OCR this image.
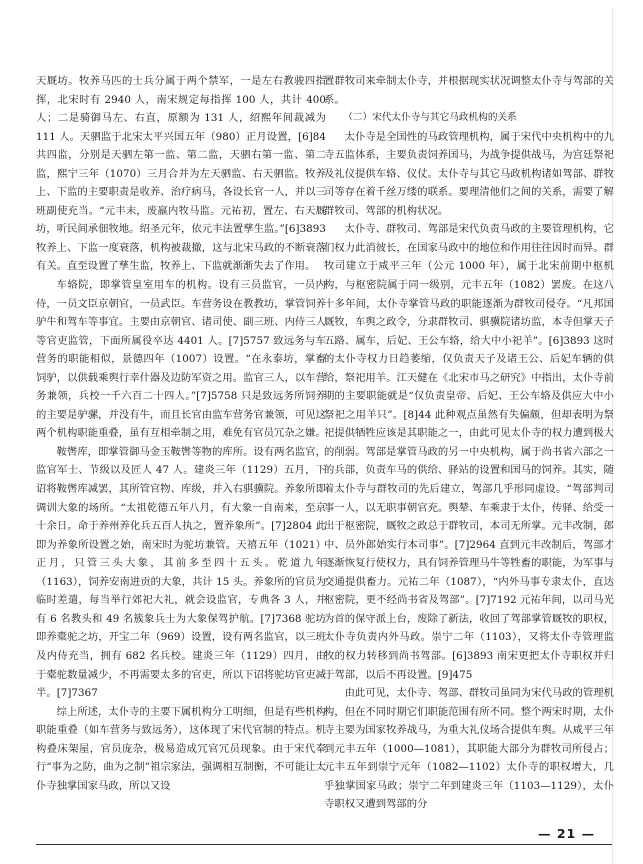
天厩坊。牧养马匹的士兵分属于两个禁军，一是左右教骏四指挥，北宋时有 2940 人，南宋规定每指挥 100 人，共计 400 人；二是骑御马左、右直，原额为 131 人，绍熙年间裁减为 111 人。天驷监于北宋太平兴国五年（980）正月设置，[6]84 共四监，分别是天驷左第一监、第二监，天驷右第一监、第二监，熙宁三年（1070）三月合并为左天驷监、右天驷监。牧养上、下监的主要职责是收养、治疗病马，各设长官一人，并以三班副使充当。“元丰末，废羸内牧马监。元祐初，置左、右天厩坊，听民间承佃牧地。绍圣元年，依元丰法置孳生监。”[6]3893 牧养上、下监一度衰落，机构被裁撤，这与北宋马政的不断衰落有关。直至设置了孳生监，牧养上、下监就渐渐失去了作用。

车辂院，即掌管皇室用车的机构。设有三员监官，一员内侍，一员文臣京朝官，一员武臣。车营务设在教教坊，掌管饲养驴牛和驾车等事宜。主要由京朝官、诸司使、副三班、内侍三人等官吏监管，下面所属役卒达 4401 人。[7]5757 致远务与车营务的职能相似，景德四年（1007）设置。“在永泰坊，掌畜饲驴，以供载乘舆行幸什器及边防军资之用。监官三人，以车营务兼领，兵校一千六百二十四人。”[7]5758 只是致远务所饲养的主要是驴骡，并没有牛，而且长官由监车营务官兼领，可见这两个机构职能重叠，虽有互相牵制之用，难免有官员冗杂之嫌。

鞍辔库，即掌管御马金玉鞍辔等物的库所。设有两名监官，监官军士、节级以及匠人 47 人。建炎三年（1129）五月，下诏将鞍辔库减罢，其所管官物、库级，并入右骐骥院。养象所即调训大象的场所。“太祖乾德五年八月，有大象一自南来，至京十余日。命于养州养化兵五百人执之，置养象所”。[7]2804 此即为养象所设置之始，南宋时为驼坊兼管。天禧五年（1021）正月，只管三头大象，其前多至四十五头。乾道九年（1163），饲养安南进贡的大象，共计 15 头。养象所的官员为临时差遣，每当举行郊祀大礼，就会设监官，专典各 3 人，并有 6 名教头和 49 名簇象兵士为大象保驾护航。[7]7368 驼坊即养橐驼之坊，开宝二年（969）设置，设有两名监官，以三班及内侍充当，拥有 682 名兵校。建炎三年（1129）四月，由于橐驼数量减少，不再需要太多的官吏，所以下诏将驼坊官吏减半。[7]7367

综上所述，太仆寺的主要下属机构分工明细，但是有些机构职能重叠（如车营务与致远务），这体现了宋代官制的特点。机构叠床架屋，官员庞杂，极易造成冗官冗员现象。由于宋代奉行“事为之防，曲为之制”祖宗家法，强调相互制衡，不可能让太仆寺独掌国家马政，所以又设

置群牧司来牵制太仆寺，并根据现实状况调整太仆寺与驾部的关系。

（二）宋代太仆寺与其它马政机构的关系

太仆寺是全国性的马政管理机构，属于宋代中央机构中的九寺五监体系，主要负责饲养国马，为战争提供战马，为宫廷祭祀及礼仪提供车辂、仪仗。太仆寺与其它马政机构诸如驾部、群牧司等存在着千丝万缕的联系。要理清他们之间的关系，需要了解群牧司、驾部的机构状况。

太仆寺、群牧司、驾部是宋代负责马政的主要管理机构，它们权力此消彼长，在国家马政中的地位和作用往往因时而异。群牧司建立于咸平三年（公元 1000 年），属于北宋前期中枢机构，与枢密院属于同一级别，元丰五年（1082）罢废。在这八十多年间，太仆寺掌管马政的职能逐渐为群牧司侵夺。“凡邦国厩牧，车舆之政令，分隶群牧司、骐骥院诸坊监，本寺但掌天子五路、属车，后妃、王公车辂，给大中小祀羊”。[6]3893 这时的太仆寺权力日趋萎缩，仅负责天子及诸王公、后妃车辆的供给，祭祀用羊。江天健在《北宋市马之研究》中指出，太仆寺前期的主要职能就是“仅负责皇帝、后妃、王公车辂及供应大中小祭祀之用羊只”。[8]44 此种观点虽然有失偏颇，但却表明为祭祀提供牺牲应该是其职能之一，由此可见太仆寺的权力遭到极大的削弱。驾部是掌管马政的另一中央机构，属于尚书省六部之一的兵部，负责车马的供给、驿站的设置和国马的饲养。其实，随着太仆寺与群牧司的先后建立，驾部几乎形同虚设。“驾部判司事一人，以无职事朝官充。舆辇、车乘隶于太仆，传驿、给受一出于枢密院，厩牧之政总于群牧司，本司无所掌。元丰改制，郎中、员外郎始实行本司事”。[7]2964 直到元丰改制后，驾部才逐渐恢复行使权力，具有饲养管理马牛等牲畜的职能，为军事与交通提供畜力。元祐二年（1087），“内外马事专隶太仆，直达枢密院，更不经尚书省及驾部”。[7]7192 元祐年间，以司马光为首的保守派上台，废除了新法，收回了驾部掌管厩牧的职权，太仆寺负责内外马政。崇宁二年（1103），又将太仆寺管理监牧的权力转移到尚书驾部。[6]3893 南宋更把太仆寺职权并归于驾部，以后不再设置。[9]475

由此可见，太仆寺、驾部、群牧司虽同为宋代马政的管理机构，但在不同时期它们职能范围有所不同。整个两宋时期，太仆寺主要为国家牧养战马，为重大礼仪场合提供车舆。从咸平三年到元丰五年（1000—1081），其职能大部分为群牧司所侵占；元丰五年到崇宁元年（1082—1102）太仆寺的职权增大，几乎独掌国家马政；崇宁二年到建炎三年（1103—1129），太仆寺职权又遭到驾部的分

— 21 —
